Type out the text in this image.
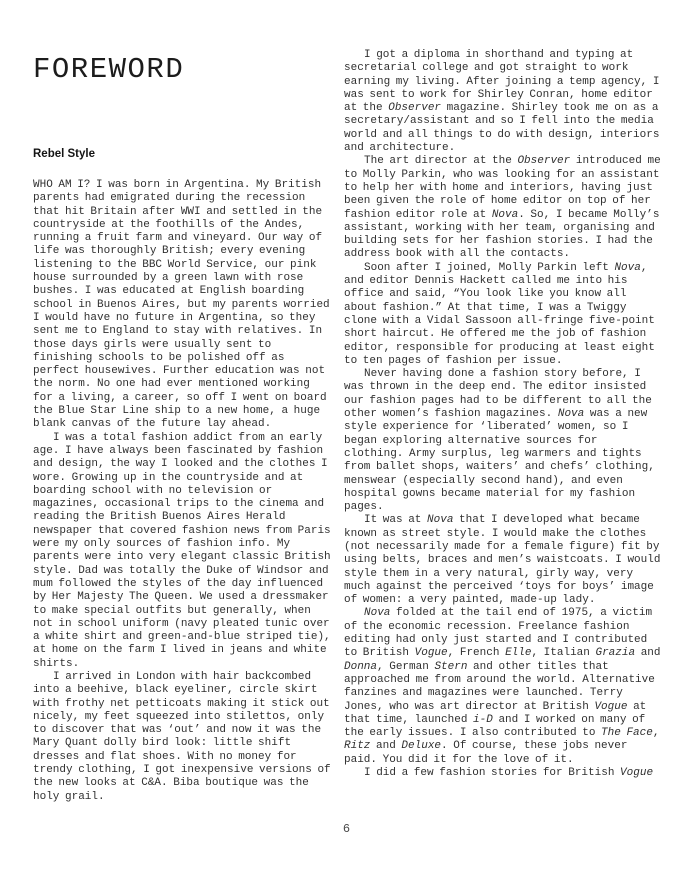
FOREWORD
Rebel Style

WHO AM I? I was born in Argentina. My British parents had emigrated during the recession that hit Britain after WWI and settled in the countryside at the foothills of the Andes, running a fruit farm and vineyard. Our way of life was thoroughly British; every evening listening to the BBC World Service, our pink house surrounded by a green lawn with rose bushes. I was educated at English boarding school in Buenos Aires, but my parents worried I would have no future in Argentina, so they sent me to England to stay with relatives. In those days girls were usually sent to finishing schools to be polished off as perfect housewives. Further education was not the norm. No one had ever mentioned working for a living, a career, so off I went on board the Blue Star Line ship to a new home, a huge blank canvas of the future lay ahead.

I was a total fashion addict from an early age. I have always been fascinated by fashion and design, the way I looked and the clothes I wore. Growing up in the countryside and at boarding school with no television or magazines, occasional trips to the cinema and reading the British Buenos Aires Herald newspaper that covered fashion news from Paris were my only sources of fashion info. My parents were into very elegant classic British style. Dad was totally the Duke of Windsor and mum followed the styles of the day influenced by Her Majesty The Queen. We used a dressmaker to make special outfits but generally, when not in school uniform (navy pleated tunic over a white shirt and green-and-blue striped tie), at home on the farm I lived in jeans and white shirts.

I arrived in London with hair backcombed into a beehive, black eyeliner, circle skirt with frothy net petticoats making it stick out nicely, my feet squeezed into stilettos, only to discover that was ‘out’ and now it was the Mary Quant dolly bird look: little shift dresses and flat shoes. With no money for trendy clothing, I got inexpensive versions of the new looks at C&A. Biba boutique was the holy grail.

I got a diploma in shorthand and typing at secretarial college and got straight to work earning my living. After joining a temp agency, I was sent to work for Shirley Conran, home editor at the Observer magazine. Shirley took me on as a secretary/assistant and so I fell into the media world and all things to do with design, interiors and architecture.

The art director at the Observer introduced me to Molly Parkin, who was looking for an assistant to help her with home and interiors, having just been given the role of home editor on top of her fashion editor role at Nova. So, I became Molly’s assistant, working with her team, organising and building sets for her fashion stories. I had the address book with all the contacts.

Soon after I joined, Molly Parkin left Nova, and editor Dennis Hackett called me into his office and said, “You look like you know all about fashion.” At that time, I was a Twiggy clone with a Vidal Sassoon all-fringe five-point short haircut. He offered me the job of fashion editor, responsible for producing at least eight to ten pages of fashion per issue.

Never having done a fashion story before, I was thrown in the deep end. The editor insisted our fashion pages had to be different to all the other women’s fashion magazines. Nova was a new style experience for ‘liberated’ women, so I began exploring alternative sources for clothing. Army surplus, leg warmers and tights from ballet shops, waiters’ and chefs’ clothing, menswear (especially second hand), and even hospital gowns became material for my fashion pages.

It was at Nova that I developed what became known as street style. I would make the clothes (not necessarily made for a female figure) fit by using belts, braces and men’s waistcoats. I would style them in a very natural, girly way, very much against the perceived ‘toys for boys’ image of women: a very painted, made-up lady.

Nova folded at the tail end of 1975, a victim of the economic recession. Freelance fashion editing had only just started and I contributed to British Vogue, French Elle, Italian Grazia and Donna, German Stern and other titles that approached me from around the world. Alternative fanzines and magazines were launched. Terry Jones, who was art director at British Vogue at that time, launched i-D and I worked on many of the early issues. I also contributed to The Face, Ritz and Deluxe. Of course, these jobs never paid. You did it for the love of it.

I did a few fashion stories for British Vogue

6
